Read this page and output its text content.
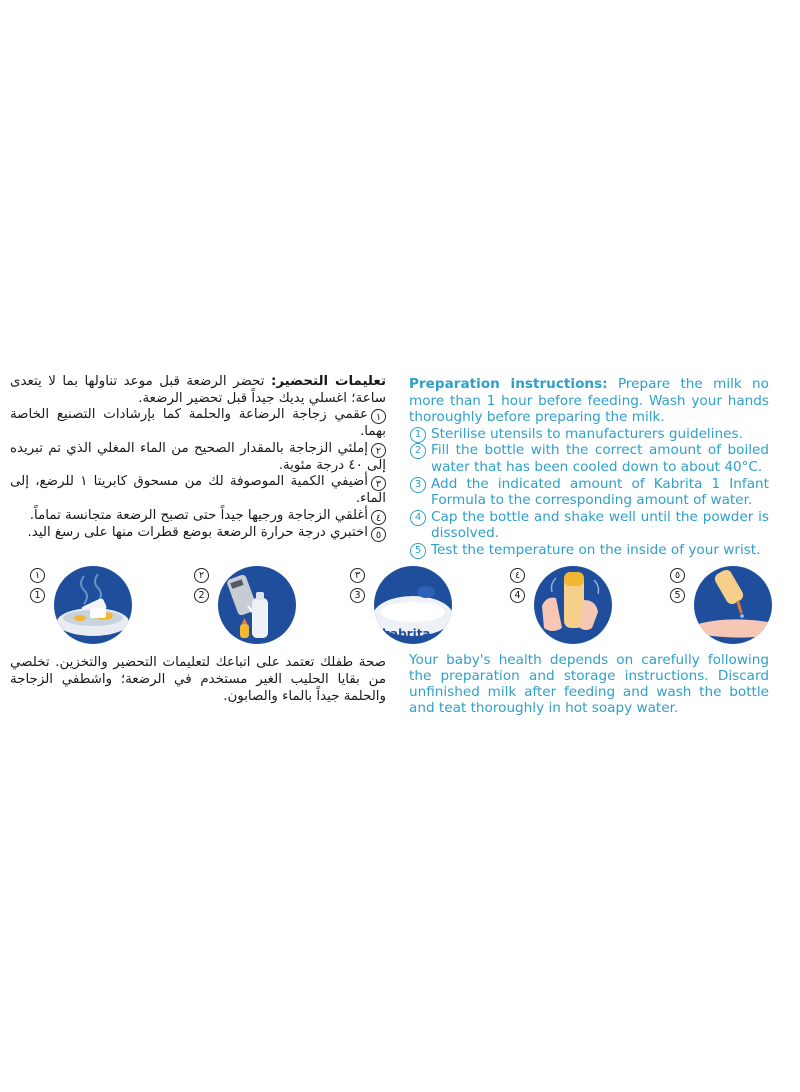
تعليمات التحضير: تحضر الرضعة قبل موعد تناولها بما لا يتعدى ساعة؛ اغسلي يديك جيداً قبل تحضير الرضعة.
١عقمي زجاجة الرضاعة والحلمة كما بإرشادات التصنيع الخاصة بهما.
٢إملئي الزجاجة بالمقدار الصحيح من الماء المغلي الذي تم تبريده إلى ٤٠ درجة مئوية.
٣أضيفي الكمية الموصوفة لك من مسحوق كابريتا ١ للرضع، إلى الماء.
٤أغلقي الزجاجة ورجيها جيداً حتى تصبح الرضعة متجانسة تماماً.
٥اختبري درجة حرارة الرضعة بوضع قطرات منها على رسغ اليد.
Preparation instructions: Prepare the milk no more than 1 hour before feeding. Wash your hands thoroughly before preparing the milk.
1 Sterilise utensils to manufacturers guidelines.
2 Fill the bottle with the correct amount of boiled water that has been cooled down to about 40°C.
3 Add the indicated amount of Kabrita 1 Infant Formula to the corresponding amount of water.
4 Cap the bottle and shake well until the powder is dissolved.
5 Test the temperature on the inside of your wrist.
١
1
٢
2
٣
3
kabrita
٤
4
٥
5
صحة طفلك تعتمد على اتباعك لتعليمات التحضير والتخزين. تخلصي من بقايا الحليب الغير مستخدم في الرضعة؛ واشطفي الزجاجة والحلمة جيداً بالماء والصابون.
Your baby's health depends on carefully following the preparation and storage instructions. Discard unfinished milk after feeding and wash the bottle and teat thoroughly in hot soapy water.
